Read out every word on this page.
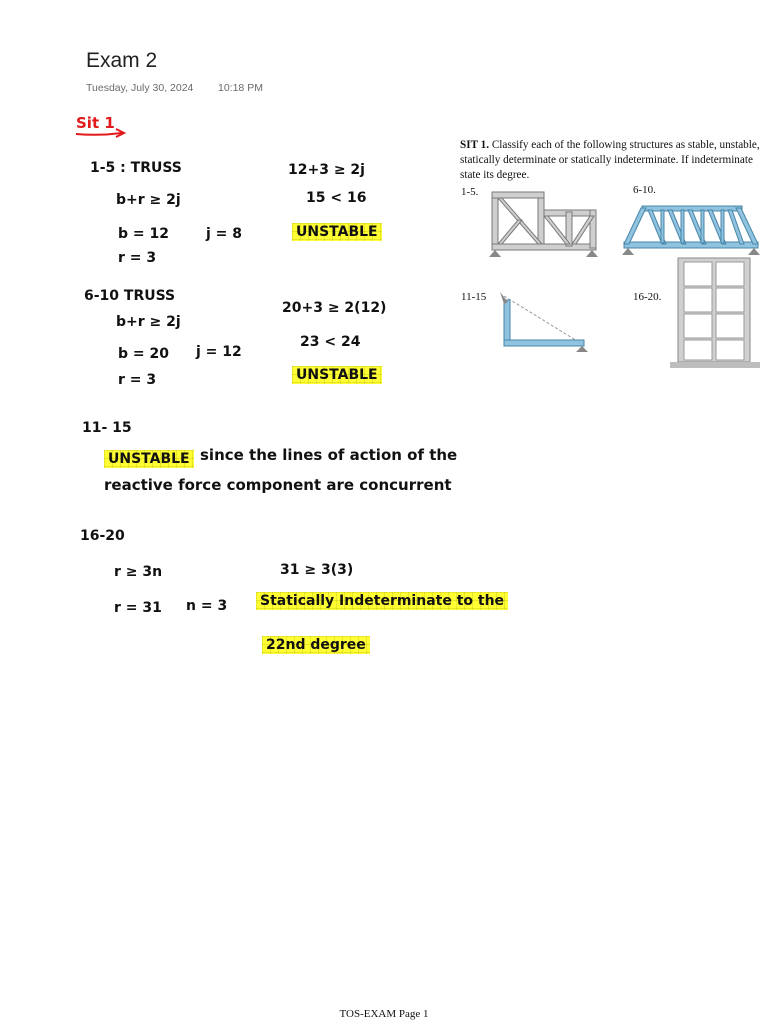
Exam 2
Tuesday, July 30, 2024 10:18 PM
Sit 1
SIT 1. Classify each of the following structures as stable, unstable, statically determinate or statically indeterminate. If indeterminate state its degree.
1-5.	6-10.
11-15	16-20.
1-5 : TRUSS
b+r ≥ 2j
b = 12	j = 8
r = 3
12+3 ≥ 2j
15 < 16
UNSTABLE
6-10 TRUSS
b+r ≥ 2j
b = 20 j = 12
r = 3
20+3 ≥ 2(12)
23 < 24
UNSTABLE
11- 15
UNSTABLE since the lines of action of the
reactive force component are concurrent
16-20
r ≥ 3n
r = 31 n = 3
31 ≥ 3(3)
Statically Indeterminate to the
22nd degree
TOS-EXAM Page 1
